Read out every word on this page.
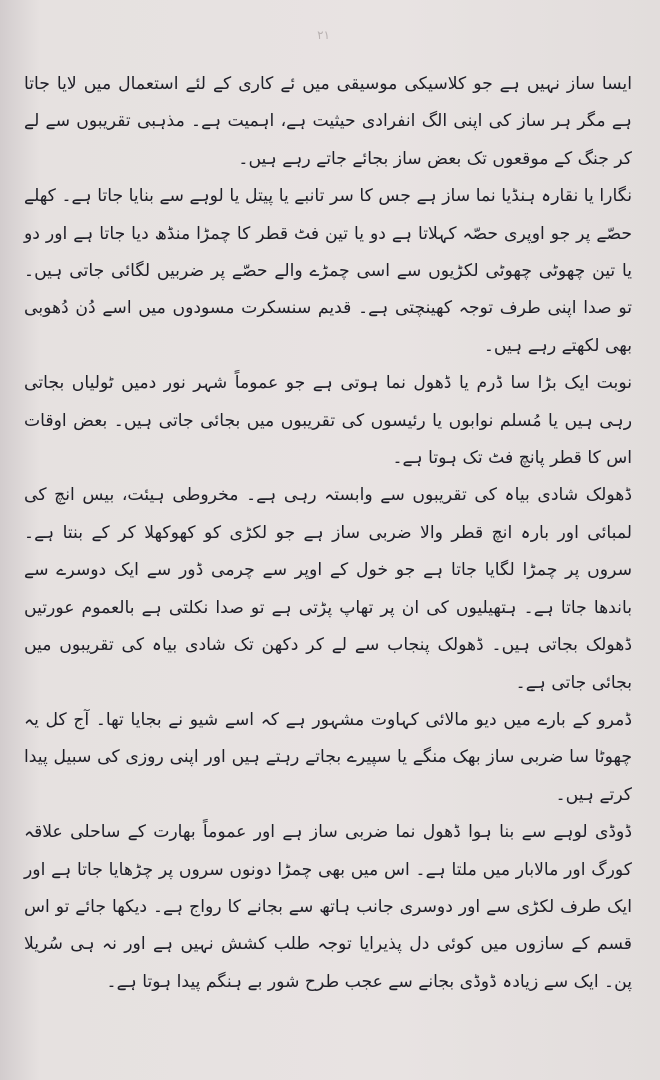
۲۱

ایسا ساز نہیں ہے جو کلاسیکی موسیقی میں ئے کاری کے لئے استعمال میں لایا جاتا ہے مگر ہر ساز کی اپنی الگ انفرادی حیثیت ہے، اہمیت ہے۔ مذہبی تقریبوں سے لے کر جنگ کے موقعوں تک بعض ساز بجائے جاتے رہے ہیں۔

نگارا یا نقارہ ہنڈیا نما ساز ہے جس کا سر تانبے یا پیتل یا لوہے سے بنایا جاتا ہے۔ کھلے حصّے پر جو اوپری حصّہ کہلاتا ہے دو یا تین فٹ قطر کا چمڑا منڈھ دیا جاتا ہے اور دو یا تین چھوٹی چھوٹی لکڑیوں سے اسی چمڑے والے حصّے پر ضربیں لگائی جاتی ہیں۔ تو صدا اپنی طرف توجہ کھینچتی ہے۔ قدیم سنسکرت مسودوں میں اسے دُن دُھوبی بھی لکھتے رہے ہیں۔

نوبت ایک بڑا سا ڈرم یا ڈھول نما ہوتی ہے جو عموماً شہر نور دمیں ٹولیاں بجاتی رہی ہیں یا مُسلم نوابوں یا رئیسوں کی تقریبوں میں بجائی جاتی ہیں۔ بعض اوقات اس کا قطر پانچ فٹ تک ہوتا ہے۔

ڈھولک شادی بیاہ کی تقریبوں سے وابستہ رہی ہے۔ مخروطی ہیئت، بیس انچ کی لمبائی اور بارہ انچ قطر والا ضربی ساز ہے جو لکڑی کو کھوکھلا کر کے بنتا ہے۔ سروں پر چمڑا لگایا جاتا ہے جو خول کے اوپر سے چرمی ڈور سے ایک دوسرے سے باندھا جاتا ہے۔ ہتھیلیوں کی ان پر تھاپ پڑتی ہے تو صدا نکلتی ہے بالعموم عورتیں ڈھولک بجاتی ہیں۔ ڈھولک پنجاب سے لے کر دکھن تک شادی بیاہ کی تقریبوں میں بجائی جاتی ہے۔

ڈمرو کے بارے میں دیو مالائی کہاوت مشہور ہے کہ اسے شیو نے بجایا تھا۔ آج کل یہ چھوٹا سا ضربی ساز بھک منگے یا سپیرے بجاتے رہتے ہیں اور اپنی روزی کی سبیل پیدا کرتے ہیں۔

ڈوڈی لوہے سے بنا ہوا ڈھول نما ضربی ساز ہے اور عموماً بھارت کے ساحلی علاقہ کورگ اور مالابار میں ملتا ہے۔ اس میں بھی چمڑا دونوں سروں پر چڑھایا جاتا ہے اور ایک طرف لکڑی سے اور دوسری جانب ہاتھ سے بجانے کا رواج ہے۔ دیکھا جائے تو اس قسم کے سازوں میں کوئی دل پذیرایا توجہ طلب کشش نہیں ہے اور نہ ہی سُریلا پن۔ ایک سے زیادہ ڈوڈی بجانے سے عجب طرح شور بے ہنگم پیدا ہوتا ہے۔
